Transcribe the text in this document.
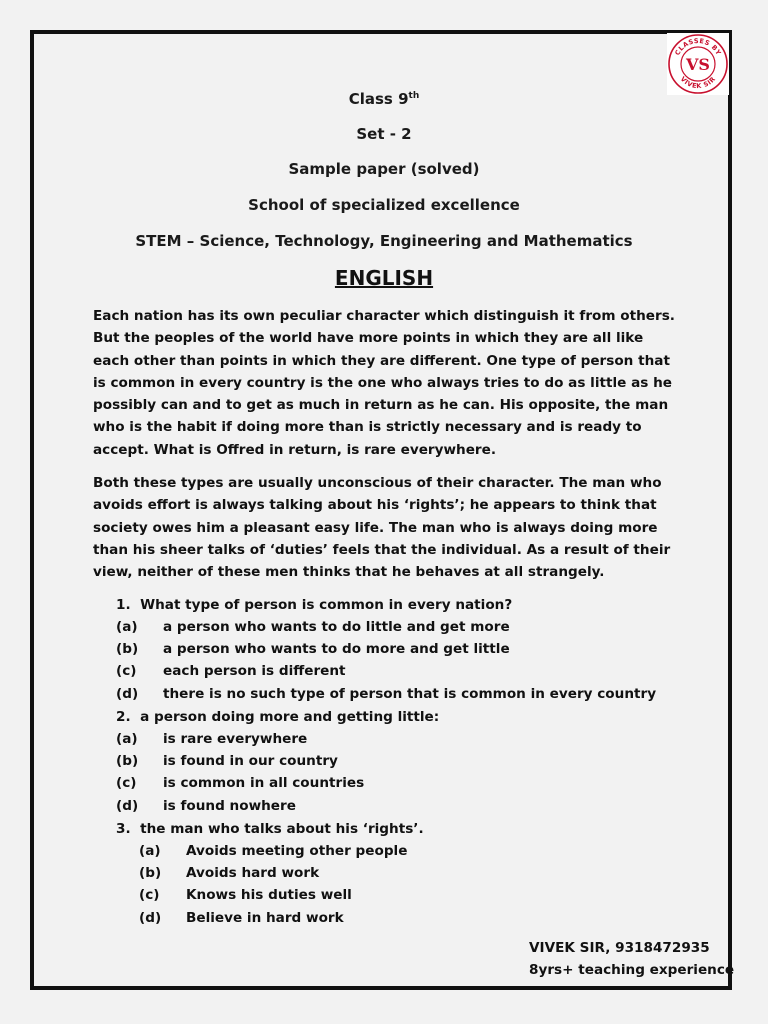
CLASSES BY
VIVEK SIR
VS
Class 9th
Set - 2
Sample paper (solved)
School of specialized excellence
STEM – Science, Technology, Engineering and Mathematics
ENGLISH

Each nation has its own peculiar character which distinguish it from others. But the peoples of the world have more points in which they are all like each other than points in which they are different. One type of person that is common in every country is the one who always tries to do as little as he possibly can and to get as much in return as he can. His opposite, the man who is the habit if doing more than is strictly necessary and is ready to accept. What is Offred in return, is rare everywhere.

Both these types are usually unconscious of their character. The man who avoids effort is always talking about his ‘rights’; he appears to think that society owes him a pleasant easy life. The man who is always doing more than his sheer talks of ‘duties’ feels that the individual. As a result of their view, neither of these men thinks that he behaves at all strangely.

1. What type of person is common in every nation?
(a) a person who wants to do little and get more
(b) a person who wants to do more and get little
(c) each person is different
(d) there is no such type of person that is common in every country
2. a person doing more and getting little:
(a) is rare everywhere
(b) is found in our country
(c) is common in all countries
(d) is found nowhere
3. the man who talks about his ‘rights’.
(a) Avoids meeting other people
(b) Avoids hard work
(c) Knows his duties well
(d) Believe in hard work
VIVEK SIR, 9318472935
8yrs+ teaching experience
